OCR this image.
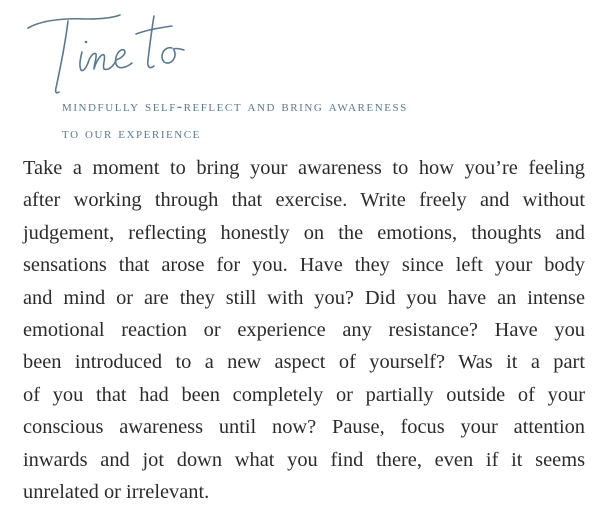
mindfully self-reflect and bring awareness
to our experience
Take a moment to bring your awareness to how you’re feeling
after working through that exercise. Write freely and without
judgement, reflecting honestly on the emotions, thoughts and
sensations that arose for you. Have they since left your body
and mind or are they still with you? Did you have an intense
emotional reaction or experience any resistance? Have you
been introduced to a new aspect of yourself? Was it a part
of you that had been completely or partially outside of your
conscious awareness until now? Pause, focus your attention
inwards and jot down what you find there, even if it seems
unrelated or irrelevant.
